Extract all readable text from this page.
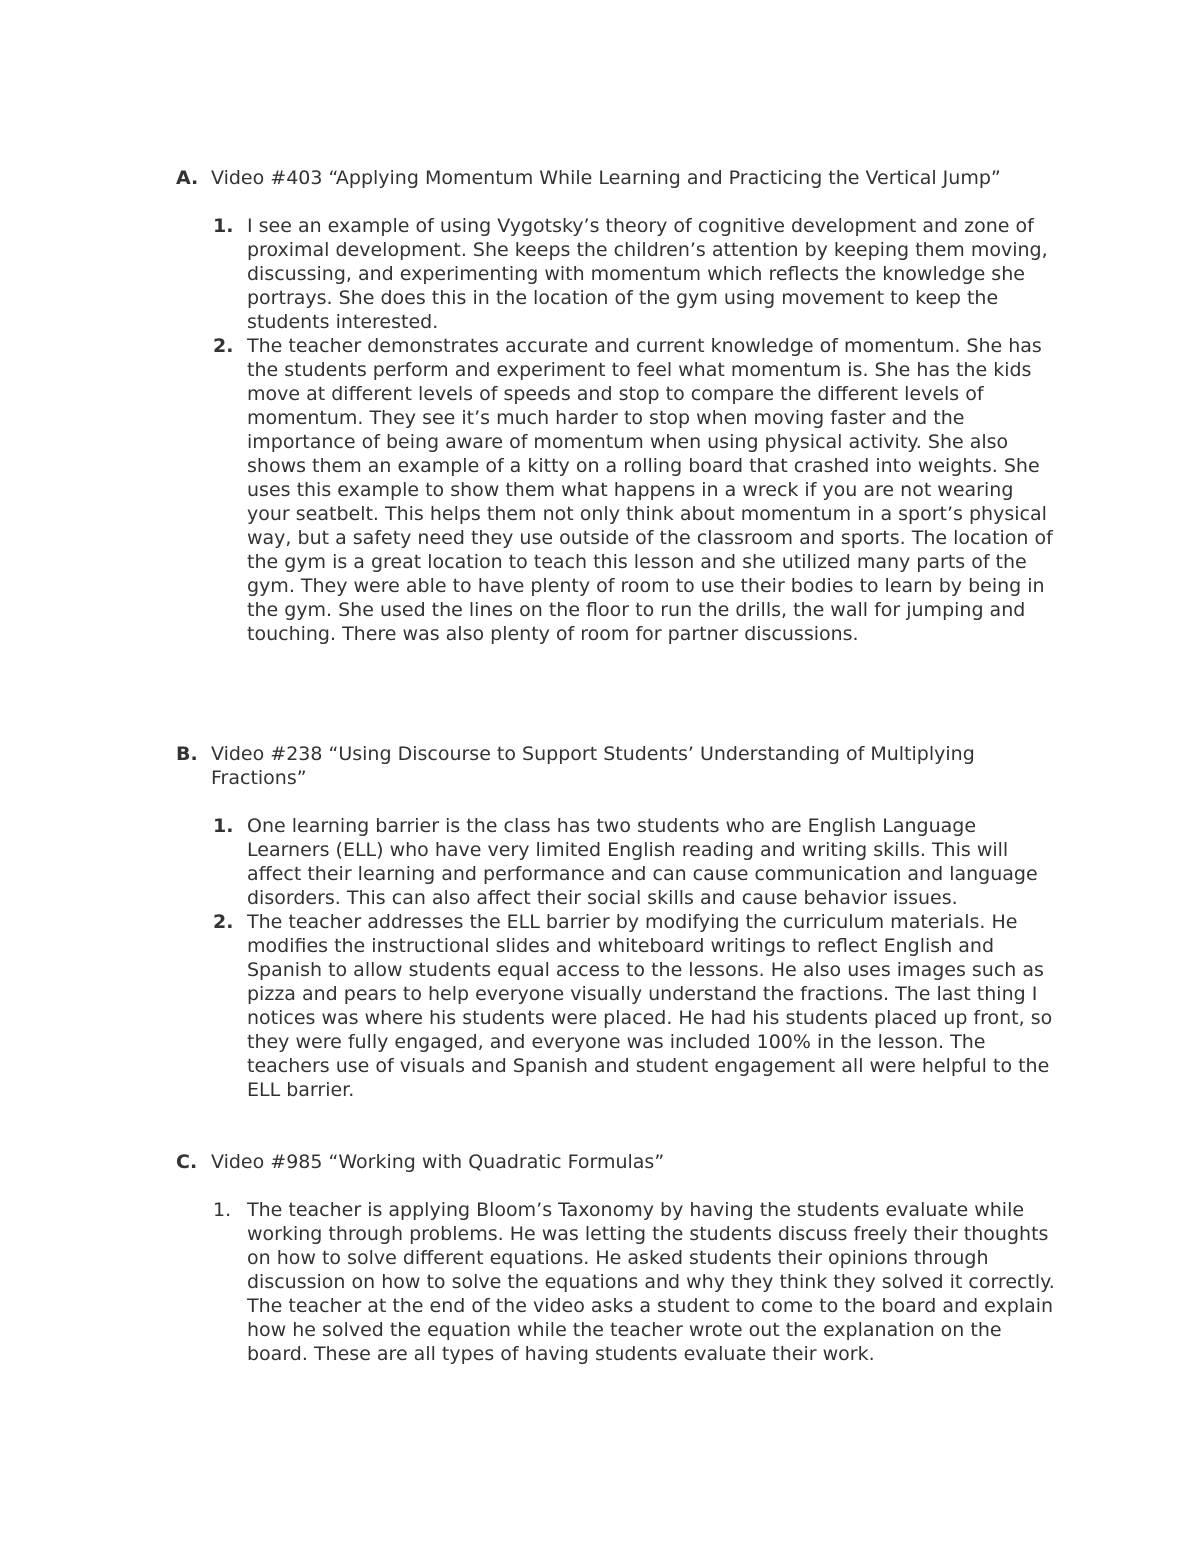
A. Video #403 “Applying Momentum While Learning and Practicing the Vertical Jump”
1. I see an example of using Vygotsky’s theory of cognitive development and zone of proximal development. She keeps the children’s attention by keeping them moving, discussing, and experimenting with momentum which reflects the knowledge she portrays. She does this in the location of the gym using movement to keep the students interested.
2. The teacher demonstrates accurate and current knowledge of momentum. She has the students perform and experiment to feel what momentum is. She has the kids move at different levels of speeds and stop to compare the different levels of momentum. They see it’s much harder to stop when moving faster and the importance of being aware of momentum when using physical activity. She also shows them an example of a kitty on a rolling board that crashed into weights. She uses this example to show them what happens in a wreck if you are not wearing your seatbelt. This helps them not only think about momentum in a sport’s physical way, but a safety need they use outside of the classroom and sports. The location of the gym is a great location to teach this lesson and she utilized many parts of the gym. They were able to have plenty of room to use their bodies to learn by being in the gym. She used the lines on the floor to run the drills, the wall for jumping and touching. There was also plenty of room for partner discussions.
B. Video #238 “Using Discourse to Support Students’ Understanding of Multiplying Fractions”
1. One learning barrier is the class has two students who are English Language Learners (ELL) who have very limited English reading and writing skills. This will affect their learning and performance and can cause communication and language disorders. This can also affect their social skills and cause behavior issues.
2. The teacher addresses the ELL barrier by modifying the curriculum materials. He modifies the instructional slides and whiteboard writings to reflect English and Spanish to allow students equal access to the lessons. He also uses images such as pizza and pears to help everyone visually understand the fractions. The last thing I notices was where his students were placed. He had his students placed up front, so they were fully engaged, and everyone was included 100% in the lesson. The teachers use of visuals and Spanish and student engagement all were helpful to the ELL barrier.
C. Video #985 “Working with Quadratic Formulas”
1. The teacher is applying Bloom’s Taxonomy by having the students evaluate while working through problems. He was letting the students discuss freely their thoughts on how to solve different equations. He asked students their opinions through discussion on how to solve the equations and why they think they solved it correctly. The teacher at the end of the video asks a student to come to the board and explain how he solved the equation while the teacher wrote out the explanation on the board. These are all types of having students evaluate their work.
